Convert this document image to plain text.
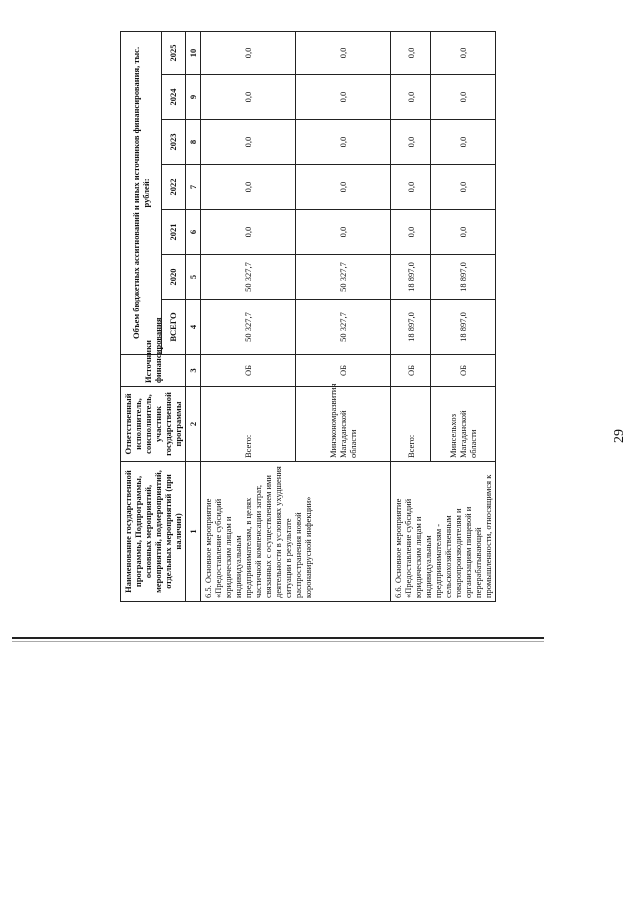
29
Наименование государственной программы, Подпрограммы, основных мероприятий, мероприятий, подмероприятий, отдельных мероприятий (при наличии)	Ответственный исполнитель, соисполнитель, участник государственной программы	Источники финансирования	Объем бюджетных ассигнований и иных источников финансирования, тыс. рублей:						
			ВСЕГО	2020	2021	2022	2023	2024	2025
1	2	3	4	5	6	7	8	9	10
6.5. Основное мероприятие «Предоставление субсидий юридическим лицам и индивидуальным предпринимателям, в целях частичной компенсации затрат, связанных с осуществлением ими деятельности в условиях ухудшения ситуации в результате распространения новой коронавирусной инфекции»	Всего:	ОБ	50 327,7	50 327,7	0,0	0,0	0,0	0,0	0,0
	Минэкономразвития Магаданской области	ОБ	50 327,7	50 327,7	0,0	0,0	0,0	0,0	0,0
6.6. Основное мероприятие «Предоставление субсидий юридическим лицам и индивидуальным предпринимателям - сельскохозяйственным товаропроизводителям и организациям пищевой и перерабатывающей промышленности, относящимся к	Всего:	ОБ	18 897,0	18 897,0	0,0	0,0	0,0	0,0	0,0
	Минсельхоз Магаданской области	ОБ	18 897,0	18 897,0	0,0	0,0	0,0	0,0	0,0
